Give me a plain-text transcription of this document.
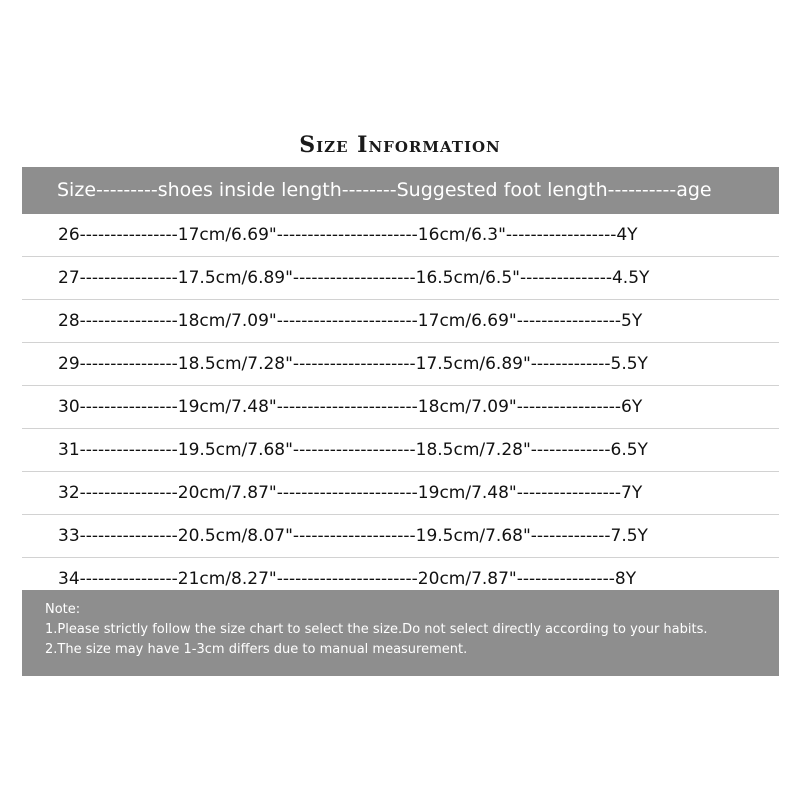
Size Information
Size---------shoes inside length--------Suggested foot length----------age
26----------------17cm/6.69"-----------------------16cm/6.3"------------------4Y
27----------------17.5cm/6.89"--------------------16.5cm/6.5"---------------4.5Y
28----------------18cm/7.09"-----------------------17cm/6.69"-----------------5Y
29----------------18.5cm/7.28"--------------------17.5cm/6.89"-------------5.5Y
30----------------19cm/7.48"-----------------------18cm/7.09"-----------------6Y
31----------------19.5cm/7.68"--------------------18.5cm/7.28"-------------6.5Y
32----------------20cm/7.87"-----------------------19cm/7.48"-----------------7Y
33----------------20.5cm/8.07"--------------------19.5cm/7.68"-------------7.5Y
34----------------21cm/8.27"-----------------------20cm/7.87"----------------8Y
Note:
1.Please strictly follow the size chart to select the size.Do not select directly according to your habits.
2.The size may have 1-3cm differs due to manual measurement.
